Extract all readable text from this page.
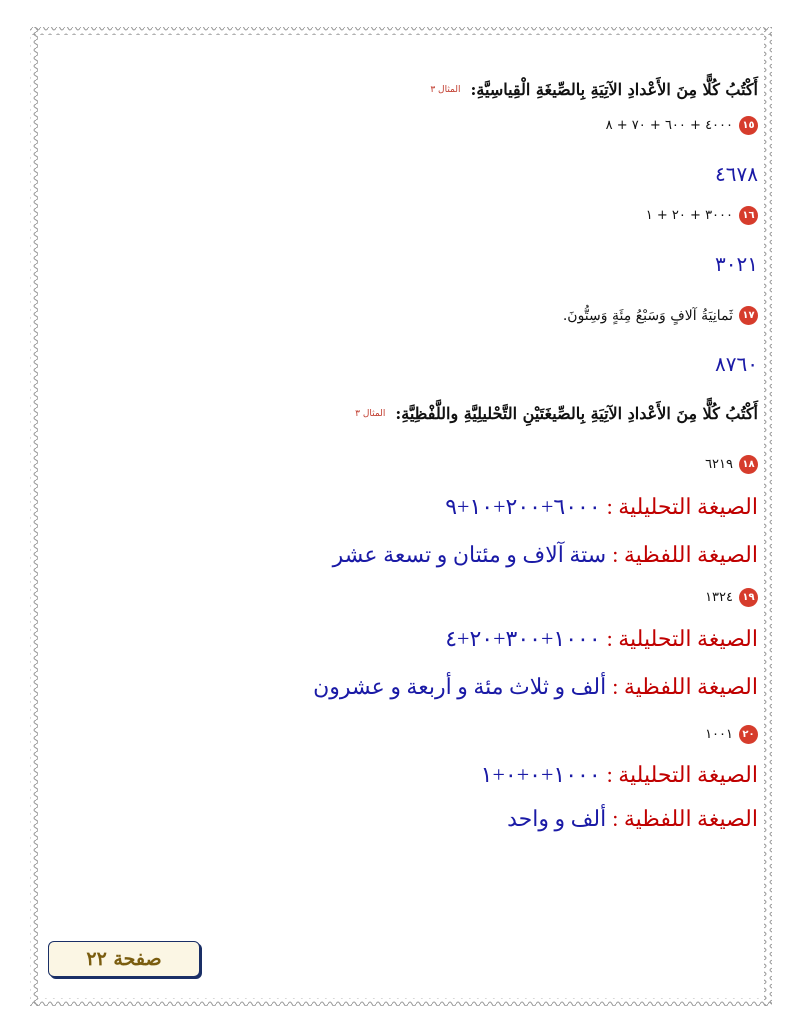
أَكْتُبُ كُلًّا مِنَ الأَعْدادِ الآتِيَةِ بِالصِّيغَةِ الْقِياسِيَّةِ:
المثال ٣
١٥
٤٠٠٠ + ٦٠٠ + ٧٠ + ٨
٤٦٧٨
١٦
٣٠٠٠ + ٢٠ + ١
٣٠٢١
١٧
ثَمانِيَةُ آلافٍ وَسَبْعُ مِئَةٍ وَسِتُّونَ.
٨٧٦٠
أَكْتُبُ كُلًّا مِنَ الأَعْدادِ الآتِيَةِ بِالصِّيغَتَيْنِ التَّحْليلِيَّةِ واللَّفْظِيَّةِ:
المثال ٣
١٨
٦٢١٩
الصيغة التحليلية :
٦٠٠٠+٢٠٠+١٠+٩
الصيغة اللفظية :
ستة آلاف و مئتان و تسعة عشر
١٩
١٣٢٤
الصيغة التحليلية :
١٠٠٠+٣٠٠+٢٠+٤
الصيغة اللفظية :
ألف و ثلاث مئة و أربعة و عشرون
٢٠
١٠٠١
الصيغة التحليلية :
١٠٠٠+٠+٠+١
الصيغة اللفظية :
ألف و واحد
صفحة ٢٢
